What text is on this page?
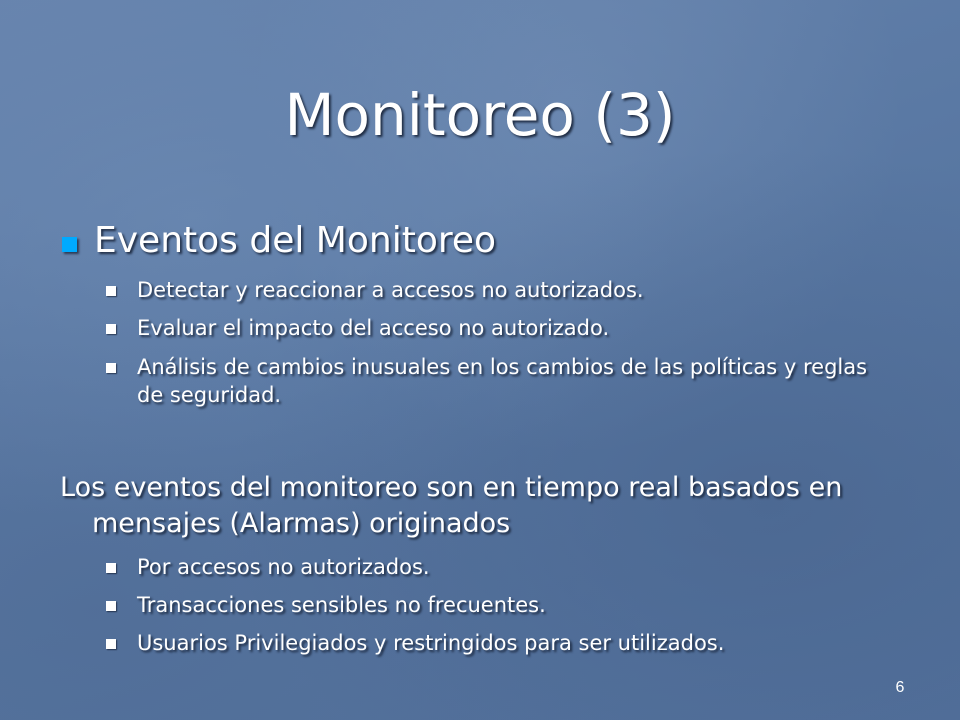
Monitoreo (3)
Eventos del Monitoreo
Detectar y reaccionar a accesos no autorizados.
Evaluar el impacto del acceso no autorizado.
Análisis de cambios inusuales en los cambios de las políticas y reglas de seguridad.
Los eventos del monitoreo son en tiempo real basados en mensajes (Alarmas) originados
Por accesos no autorizados.
Transacciones sensibles no frecuentes.
Usuarios Privilegiados y restringidos para ser utilizados.
6
